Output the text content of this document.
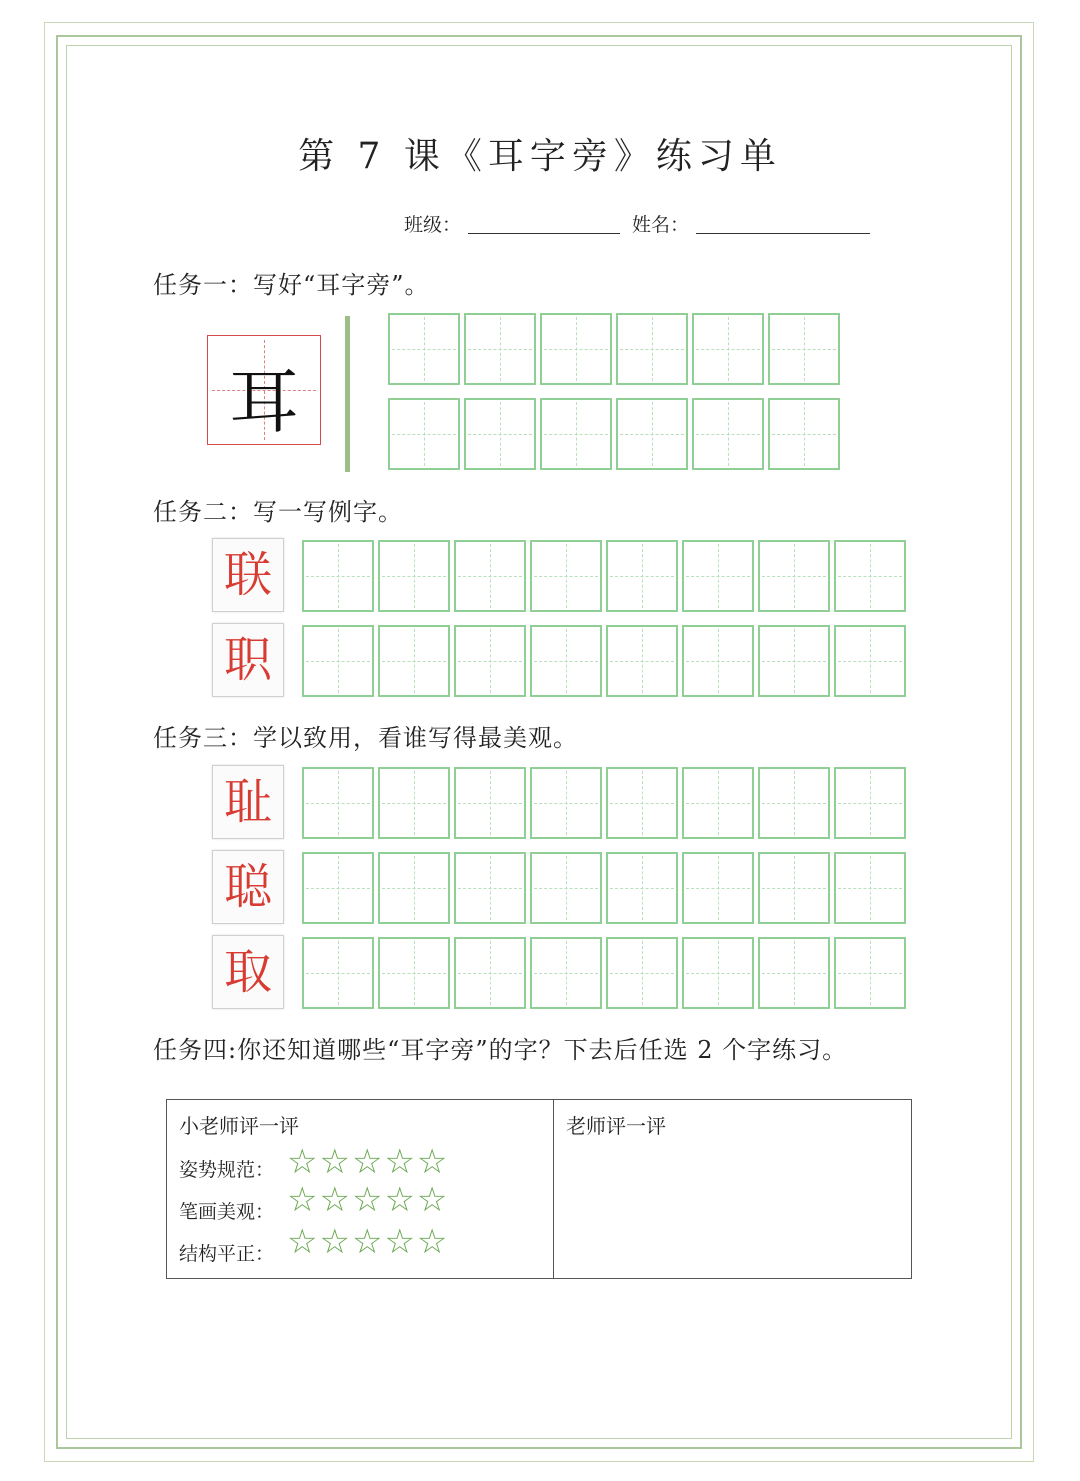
第 7 课《耳字旁》练习单
班级：	姓名：
任务一：写好“耳字旁”。
耳
任务二：写一写例字。
联
职
任务三：学以致用，看谁写得最美观。
耻
聪
取
任务四:你还知道哪些“耳字旁”的字？下去后任选 2 个字练习。
小老师评一评
姿势规范： ☆☆☆☆☆
笔画美观： ☆☆☆☆☆
结构平正： ☆☆☆☆☆
老师评一评
